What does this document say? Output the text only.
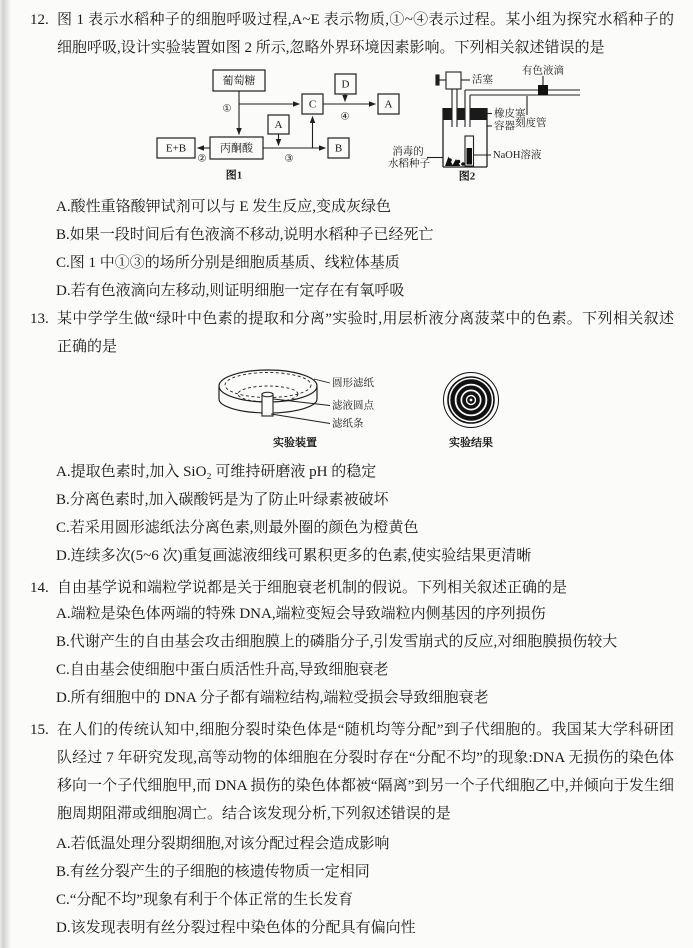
12. 图 1 表示水稻种子的细胞呼吸过程,A~E 表示物质,①~④表示过程。某小组为探究水稻种子的细胞呼吸,设计实验装置如图 2 所示,忽略外界环境因素影响。下列相关叙述错误的是
葡萄糖
丙酮酸
E+B
A
B
C
D
A
①
②	③
④
图1
活塞
有色液滴
橡皮塞
容器 刻度管
NaOH溶液
消毒的
水稻种子
图2
A.酸性重铬酸钾试剂可以与 E 发生反应,变成灰绿色
B.如果一段时间后有色液滴不移动,说明水稻种子已经死亡
C.图 1 中①③的场所分别是细胞质基质、线粒体基质
D.若有色液滴向左移动,则证明细胞一定存在有氧呼吸
13. 某中学学生做“绿叶中色素的提取和分离”实验时,用层析液分离菠菜中的色素。下列相关叙述正确的是
圆形滤纸
滤液圆点
滤纸条
实验装置	实验结果
A.提取色素时,加入 SiO₂ 可维持研磨液 pH 的稳定
B.分离色素时,加入碳酸钙是为了防止叶绿素被破坏
C.若采用圆形滤纸法分离色素,则最外圈的颜色为橙黄色
D.连续多次(5~6 次)重复画滤液细线可累积更多的色素,使实验结果更清晰
14. 自由基学说和端粒学说都是关于细胞衰老机制的假说。下列相关叙述正确的是
A.端粒是染色体两端的特殊 DNA,端粒变短会导致端粒内侧基因的序列损伤
B.代谢产生的自由基会攻击细胞膜上的磷脂分子,引发雪崩式的反应,对细胞膜损伤较大
C.自由基会使细胞中蛋白质活性升高,导致细胞衰老
D.所有细胞中的 DNA 分子都有端粒结构,端粒受损会导致细胞衰老
15. 在人们的传统认知中,细胞分裂时染色体是“随机均等分配”到子代细胞的。我国某大学科研团队经过 7 年研究发现,高等动物的体细胞在分裂时存在“分配不均”的现象:DNA 无损伤的染色体移向一个子代细胞甲,而 DNA 损伤的染色体都被“隔离”到另一个子代细胞乙中,并倾向于发生细胞周期阻滞或细胞凋亡。结合该发现分析,下列叙述错误的是
A.若低温处理分裂期细胞,对该分配过程会造成影响
B.有丝分裂产生的子细胞的核遗传物质一定相同
C.“分配不均”现象有利于个体正常的生长发育
D.该发现表明有丝分裂过程中染色体的分配具有偏向性
